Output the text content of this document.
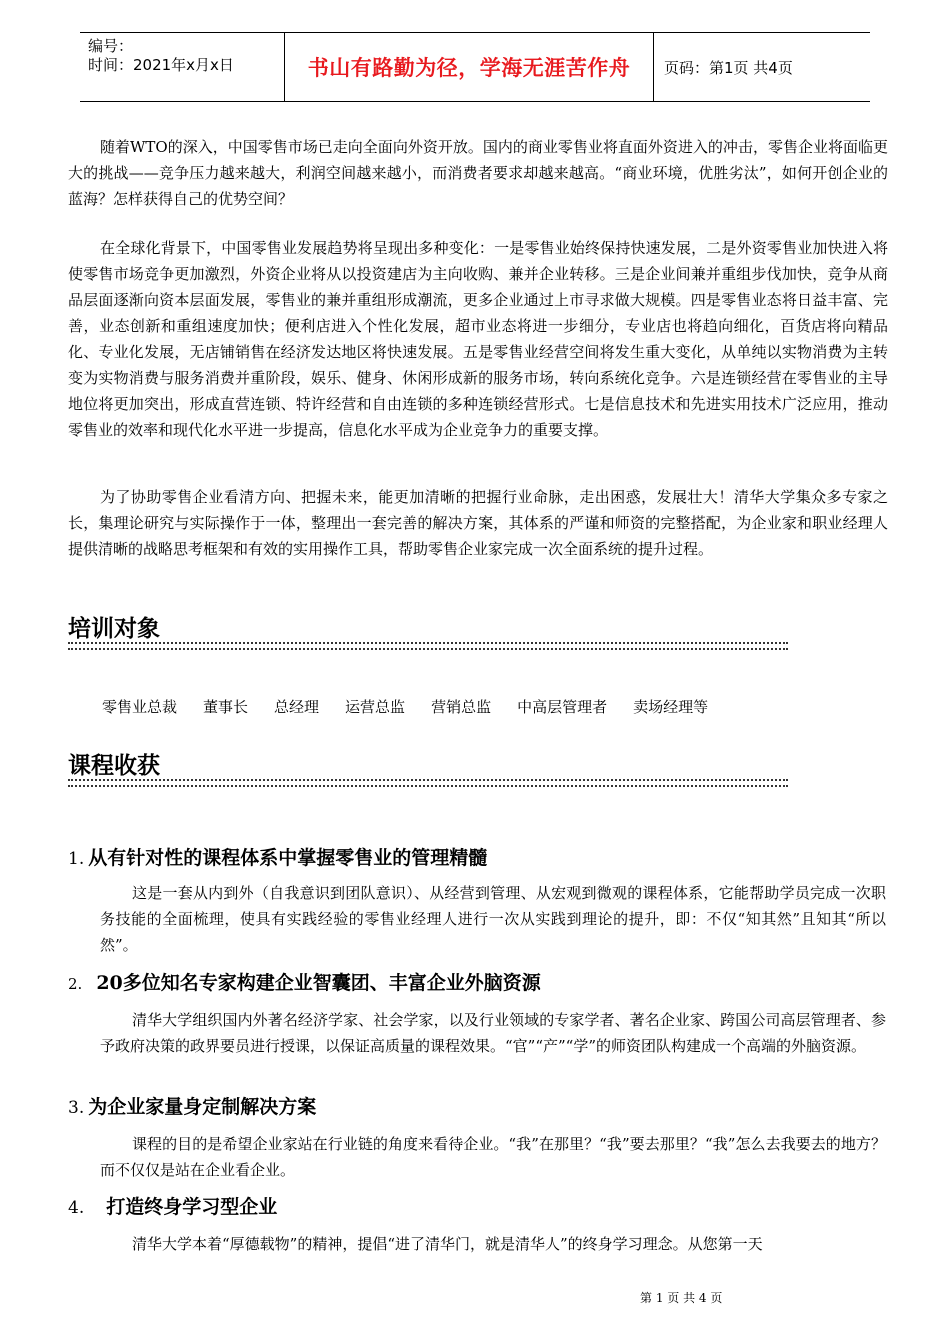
编号：
时间：2021年x月x日	书山有路勤为径，学海无涯苦作舟 页码：第1页 共4页

随着WTO的深入，中国零售市场已走向全面向外资开放。国内的商业零售业将直面外资进入的冲击，零售企业将面临更大的挑战——竞争压力越来越大，利润空间越来越小，而消费者要求却越来越高。“商业环境，优胜劣汰”，如何开创企业的蓝海？怎样获得自己的优势空间？

在全球化背景下，中国零售业发展趋势将呈现出多种变化：一是零售业始终保持快速发展，二是外资零售业加快进入将使零售市场竞争更加激烈，外资企业将从以投资建店为主向收购、兼并企业转移。三是企业间兼并重组步伐加快，竞争从商品层面逐渐向资本层面发展，零售业的兼并重组形成潮流，更多企业通过上市寻求做大规模。四是零售业态将日益丰富、完善，业态创新和重组速度加快；便利店进入个性化发展，超市业态将进一步细分，专业店也将趋向细化，百货店将向精品化、专业化发展，无店铺销售在经济发达地区将快速发展。五是零售业经营空间将发生重大变化，从单纯以实物消费为主转变为实物消费与服务消费并重阶段，娱乐、健身、休闲形成新的服务市场，转向系统化竞争。六是连锁经营在零售业的主导地位将更加突出，形成直营连锁、特许经营和自由连锁的多种连锁经营形式。七是信息技术和先进实用技术广泛应用，推动零售业的效率和现代化水平进一步提高，信息化水平成为企业竞争力的重要支撑。

为了协助零售企业看清方向、把握未来，能更加清晰的把握行业命脉，走出困惑，发展壮大！清华大学集众多专家之长，集理论研究与实际操作于一体，整理出一套完善的解决方案，其体系的严谨和师资的完整搭配，为企业家和职业经理人提供清晰的战略思考框架和有效的实用操作工具，帮助零售企业家完成一次全面系统的提升过程。

培训对象
零售业总裁 董事长 总经理 运营总监 营销总监 中高层管理者 卖场经理等
课程收获
1. 从有针对性的课程体系中掌握零售业的管理精髓

这是一套从内到外（自我意识到团队意识）、从经营到管理、从宏观到微观的课程体系，它能帮助学员完成一次职务技能的全面梳理，使具有实践经验的零售业经理人进行一次从实践到理论的提升，即：不仅“知其然”且知其“所以然”。

2. 20多位知名专家构建企业智囊团、丰富企业外脑资源

清华大学组织国内外著名经济学家、社会学家，以及行业领域的专家学者、著名企业家、跨国公司高层管理者、参予政府决策的政界要员进行授课，以保证高质量的课程效果。“官”“产”“学”的师资团队构建成一个高端的外脑资源。

3. 为企业家量身定制解决方案

课程的目的是希望企业家站在行业链的角度来看待企业。“我”在那里？“我”要去那里？“我”怎么去我要去的地方？而不仅仅是站在企业看企业。

4. 打造终身学习型企业

清华大学本着“厚德载物”的精神，提倡“进了清华门，就是清华人”的终身学习理念。从您第一天

第 1 页 共 4 页
